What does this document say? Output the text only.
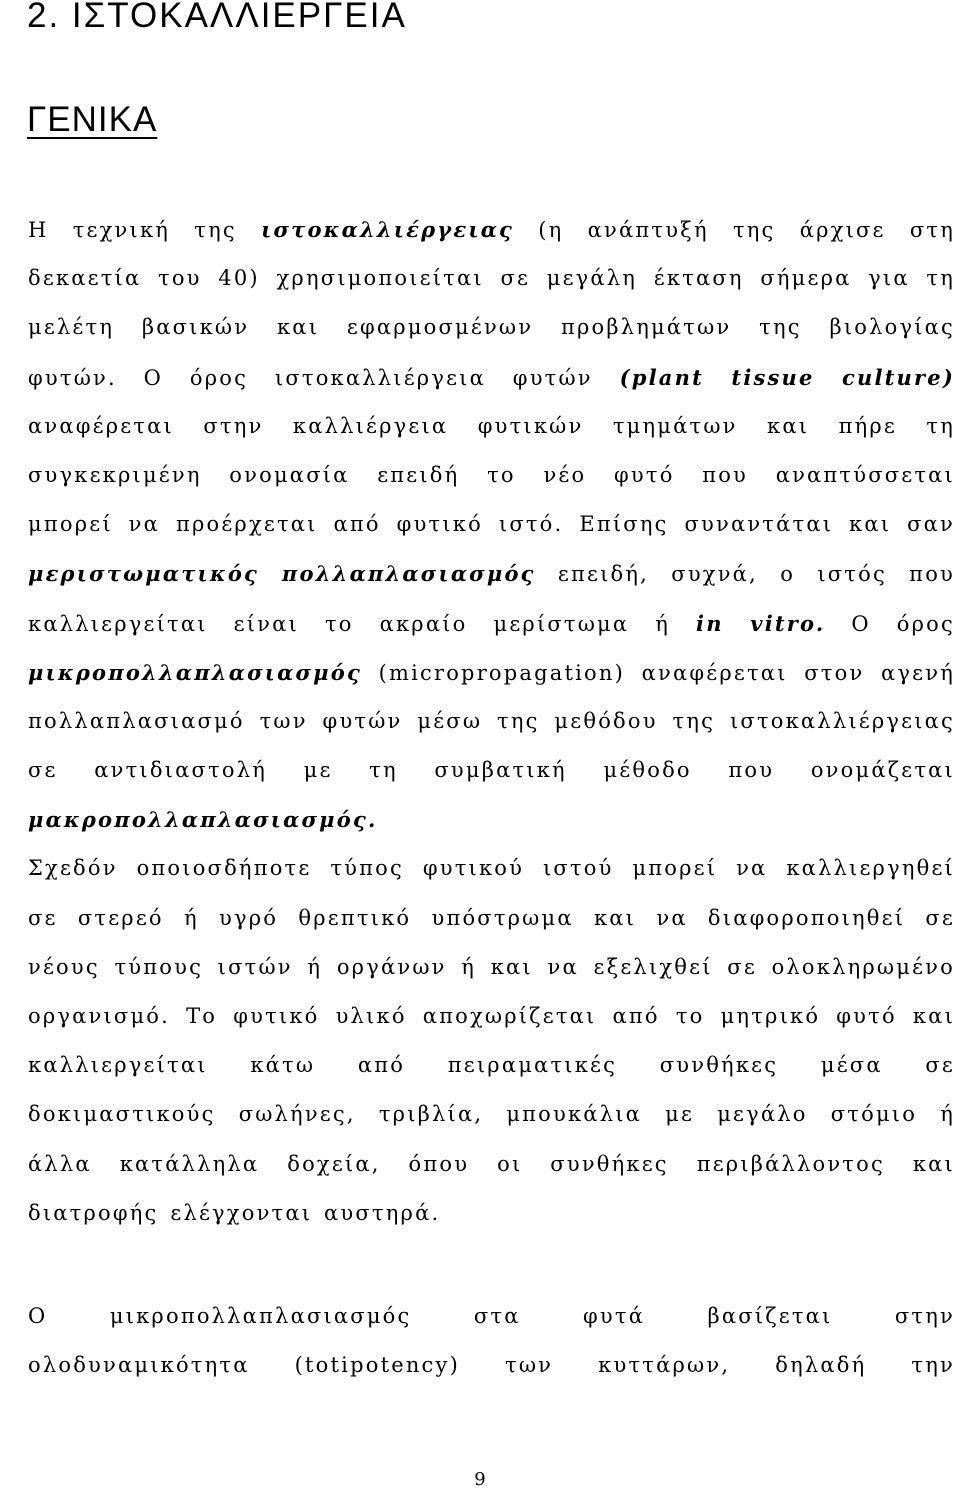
2. ΙΣΤΟΚΑΛΛΙΕΡΓΕΙΑ
ΓΕΝΙΚΑ
Η τεχνική της ιστοκαλλιέργειας (η ανάπτυξή της άρχισε στη
δεκαετία του 40) χρησιμοποιείται σε μεγάλη έκταση σήμερα για τη
μελέτη βασικών και εφαρμοσμένων προβλημάτων της βιολογίας
φυτών. Ο όρος ιστοκαλλιέργεια φυτών (plant tissue culture)
αναφέρεται στην καλλιέργεια φυτικών τμημάτων και πήρε τη
συγκεκριμένη ονομασία επειδή το νέο φυτό που αναπτύσσεται
μπορεί να προέρχεται από φυτικό ιστό. Επίσης συναντάται και σαν
μεριστωματικός πολλαπλασιασμός επειδή, συχνά, ο ιστός που
καλλιεργείται είναι το ακραίο μερίστωμα ή in vitro. Ο όρος
μικροπολλαπλασιασμός (micropropagation) αναφέρεται στον αγενή
πολλαπλασιασμό των φυτών μέσω της μεθόδου της ιστοκαλλιέργειας
σε αντιδιαστολή με τη συμβατική μέθοδο που ονομάζεται
μακροπολλαπλασιασμός.
Σχεδόν οποιοσδήποτε τύπος φυτικού ιστού μπορεί να καλλιεργηθεί
σε στερεό ή υγρό θρεπτικό υπόστρωμα και να διαφοροποιηθεί σε
νέους τύπους ιστών ή οργάνων ή και να εξελιχθεί σε ολοκληρωμένο
οργανισμό. Το φυτικό υλικό αποχωρίζεται από το μητρικό φυτό και
καλλιεργείται κάτω από πειραματικές συνθήκες μέσα σε
δοκιμαστικούς σωλήνες, τριβλία, μπουκάλια με μεγάλο στόμιο ή
άλλα κατάλληλα δοχεία, όπου οι συνθήκες περιβάλλοντος και
διατροφής ελέγχονται αυστηρά.
Ο μικροπολλαπλασιασμός στα φυτά βασίζεται στην
ολοδυναμικότητα (totipotency) των κυττάρων, δηλαδή την
9
